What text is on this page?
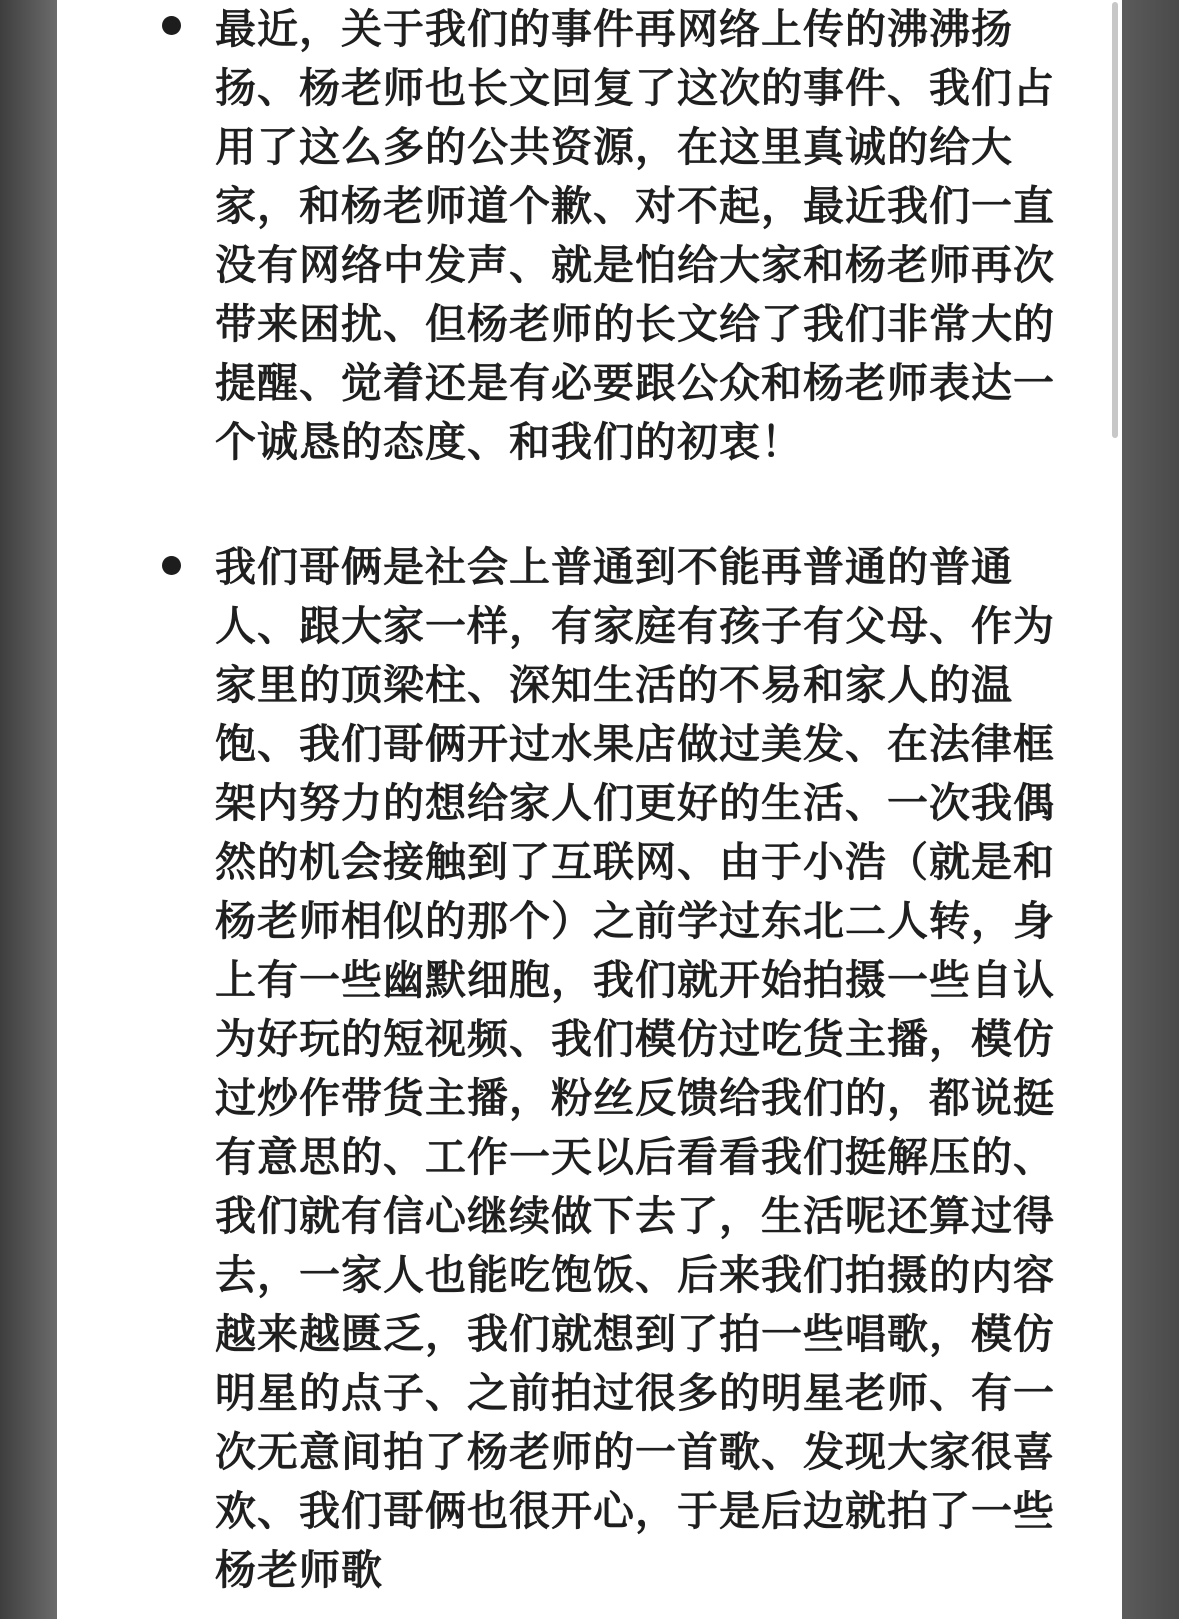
最近，关于我们的事件再网络上传的沸沸扬扬、杨老师也长文回复了这次的事件、我们占用了这么多的公共资源，在这里真诚的给大家，和杨老师道个歉、对不起，最近我们一直没有网络中发声、就是怕给大家和杨老师再次带来困扰、但杨老师的长文给了我们非常大的提醒、觉着还是有必要跟公众和杨老师表达一个诚恳的态度、和我们的初衷！

我们哥俩是社会上普通到不能再普通的普通人、跟大家一样，有家庭有孩子有父母、作为家里的顶梁柱、深知生活的不易和家人的温饱、我们哥俩开过水果店做过美发、在法律框架内努力的想给家人们更好的生活、一次我偶然的机会接触到了互联网、由于小浩（就是和杨老师相似的那个）之前学过东北二人转，身上有一些幽默细胞，我们就开始拍摄一些自认为好玩的短视频、我们模仿过吃货主播，模仿过炒作带货主播，粉丝反馈给我们的，都说挺有意思的、工作一天以后看看我们挺解压的、我们就有信心继续做下去了，生活呢还算过得去，一家人也能吃饱饭、后来我们拍摄的内容越来越匮乏，我们就想到了拍一些唱歌，模仿明星的点子、之前拍过很多的明星老师、有一次无意间拍了杨老师的一首歌、发现大家很喜欢、我们哥俩也很开心，于是后边就拍了一些杨老师歌
